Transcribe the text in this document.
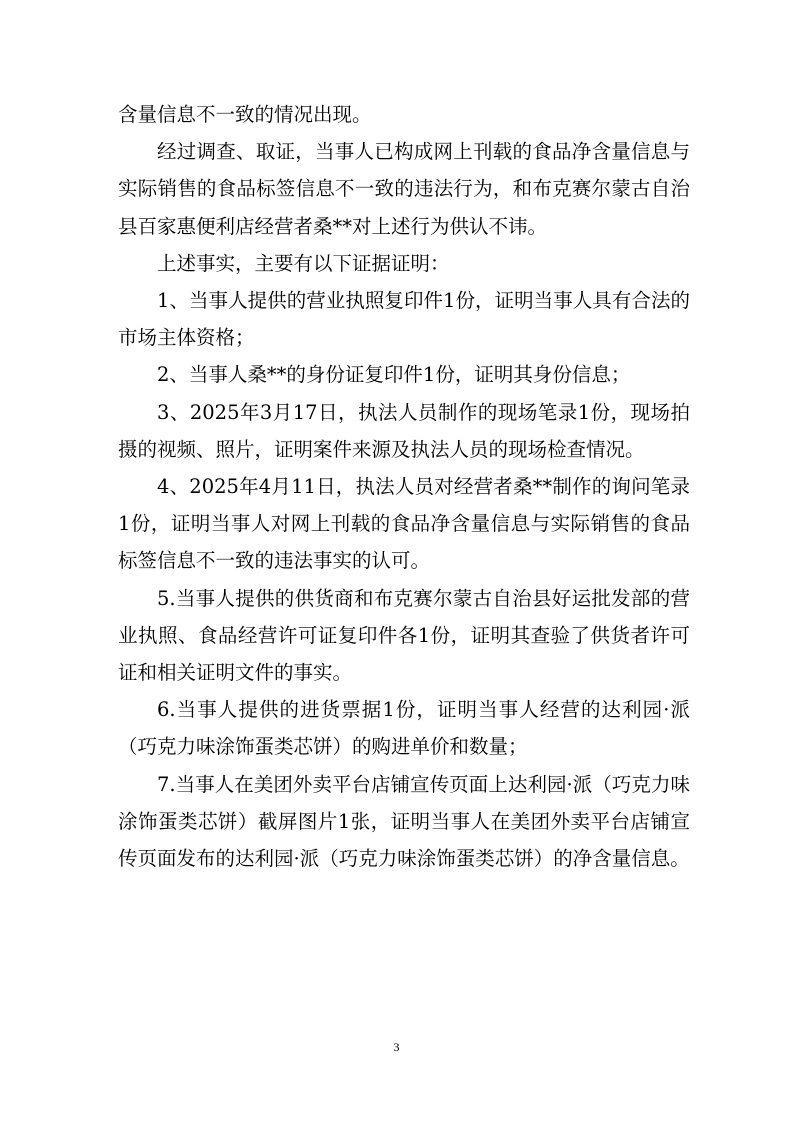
含量信息不一致的情况出现。

经过调查、取证，当事人已构成网上刊载的食品净含量信息与实际销售的食品标签信息不一致的违法行为，和布克赛尔蒙古自治县百家惠便利店经营者桑**对上述行为供认不讳。

上述事实，主要有以下证据证明：

1、当事人提供的营业执照复印件1份，证明当事人具有合法的市场主体资格；

2、当事人桑**的身份证复印件1份，证明其身份信息；

3、2025年3月17日，执法人员制作的现场笔录1份，现场拍摄的视频、照片，证明案件来源及执法人员的现场检查情况。

4、2025年4月11日，执法人员对经营者桑**制作的询问笔录1份，证明当事人对网上刊载的食品净含量信息与实际销售的食品标签信息不一致的违法事实的认可。

5.当事人提供的供货商和布克赛尔蒙古自治县好运批发部的营业执照、食品经营许可证复印件各1份，证明其查验了供货者许可证和相关证明文件的事实。

6.当事人提供的进货票据1份，证明当事人经营的达利园·派（巧克力味涂饰蛋类芯饼）的购进单价和数量；

7.当事人在美团外卖平台店铺宣传页面上达利园·派（巧克力味涂饰蛋类芯饼）截屏图片1张，证明当事人在美团外卖平台店铺宣传页面发布的达利园·派（巧克力味涂饰蛋类芯饼）的净含量信息。

3
